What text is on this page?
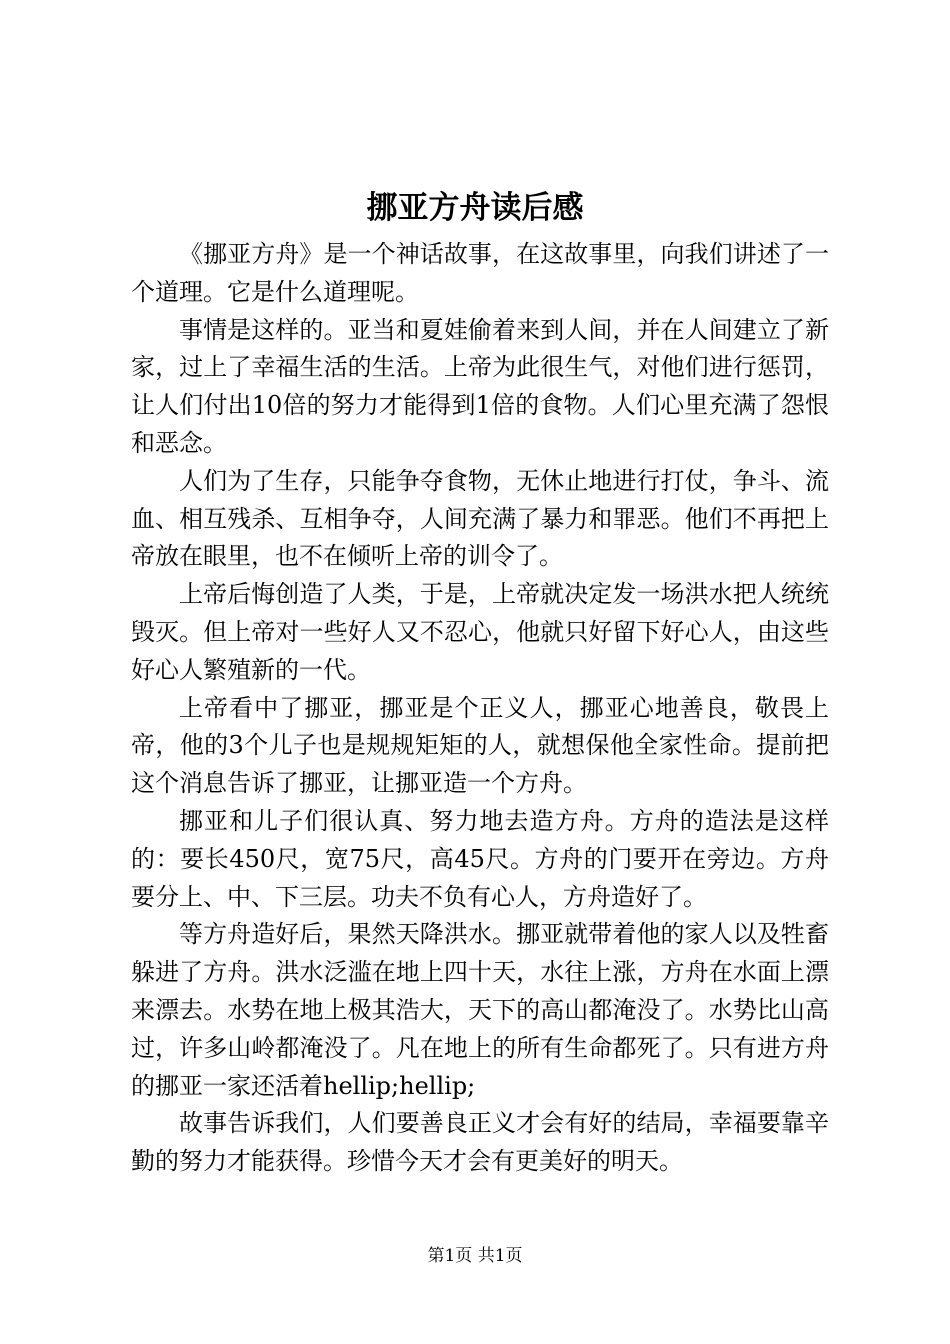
挪亚方舟读后感

《挪亚方舟》是一个神话故事，在这故事里，向我们讲述了一个道理。它是什么道理呢。

事情是这样的。亚当和夏娃偷着来到人间，并在人间建立了新家，过上了幸福生活的生活。上帝为此很生气，对他们进行惩罚，让人们付出10倍的努力才能得到1倍的食物。人们心里充满了怨恨和恶念。

人们为了生存，只能争夺食物，无休止地进行打仗，争斗、流血、相互残杀、互相争夺，人间充满了暴力和罪恶。他们不再把上帝放在眼里，也不在倾听上帝的训令了。

上帝后悔创造了人类，于是，上帝就决定发一场洪水把人统统毁灭。但上帝对一些好人又不忍心，他就只好留下好心人，由这些好心人繁殖新的一代。

上帝看中了挪亚，挪亚是个正义人，挪亚心地善良，敬畏上帝，他的3个儿子也是规规矩矩的人，就想保他全家性命。提前把这个消息告诉了挪亚，让挪亚造一个方舟。

挪亚和儿子们很认真、努力地去造方舟。方舟的造法是这样的：要长450尺，宽75尺，高45尺。方舟的门要开在旁边。方舟要分上、中、下三层。功夫不负有心人，方舟造好了。

等方舟造好后，果然天降洪水。挪亚就带着他的家人以及牲畜躲进了方舟。洪水泛滥在地上四十天，水往上涨，方舟在水面上漂来漂去。水势在地上极其浩大，天下的高山都淹没了。水势比山高过，许多山岭都淹没了。凡在地上的所有生命都死了。只有进方舟的挪亚一家还活着hellip;hellip;

故事告诉我们，人们要善良正义才会有好的结局，幸福要靠辛勤的努力才能获得。珍惜今天才会有更美好的明天。

第1页 共1页
